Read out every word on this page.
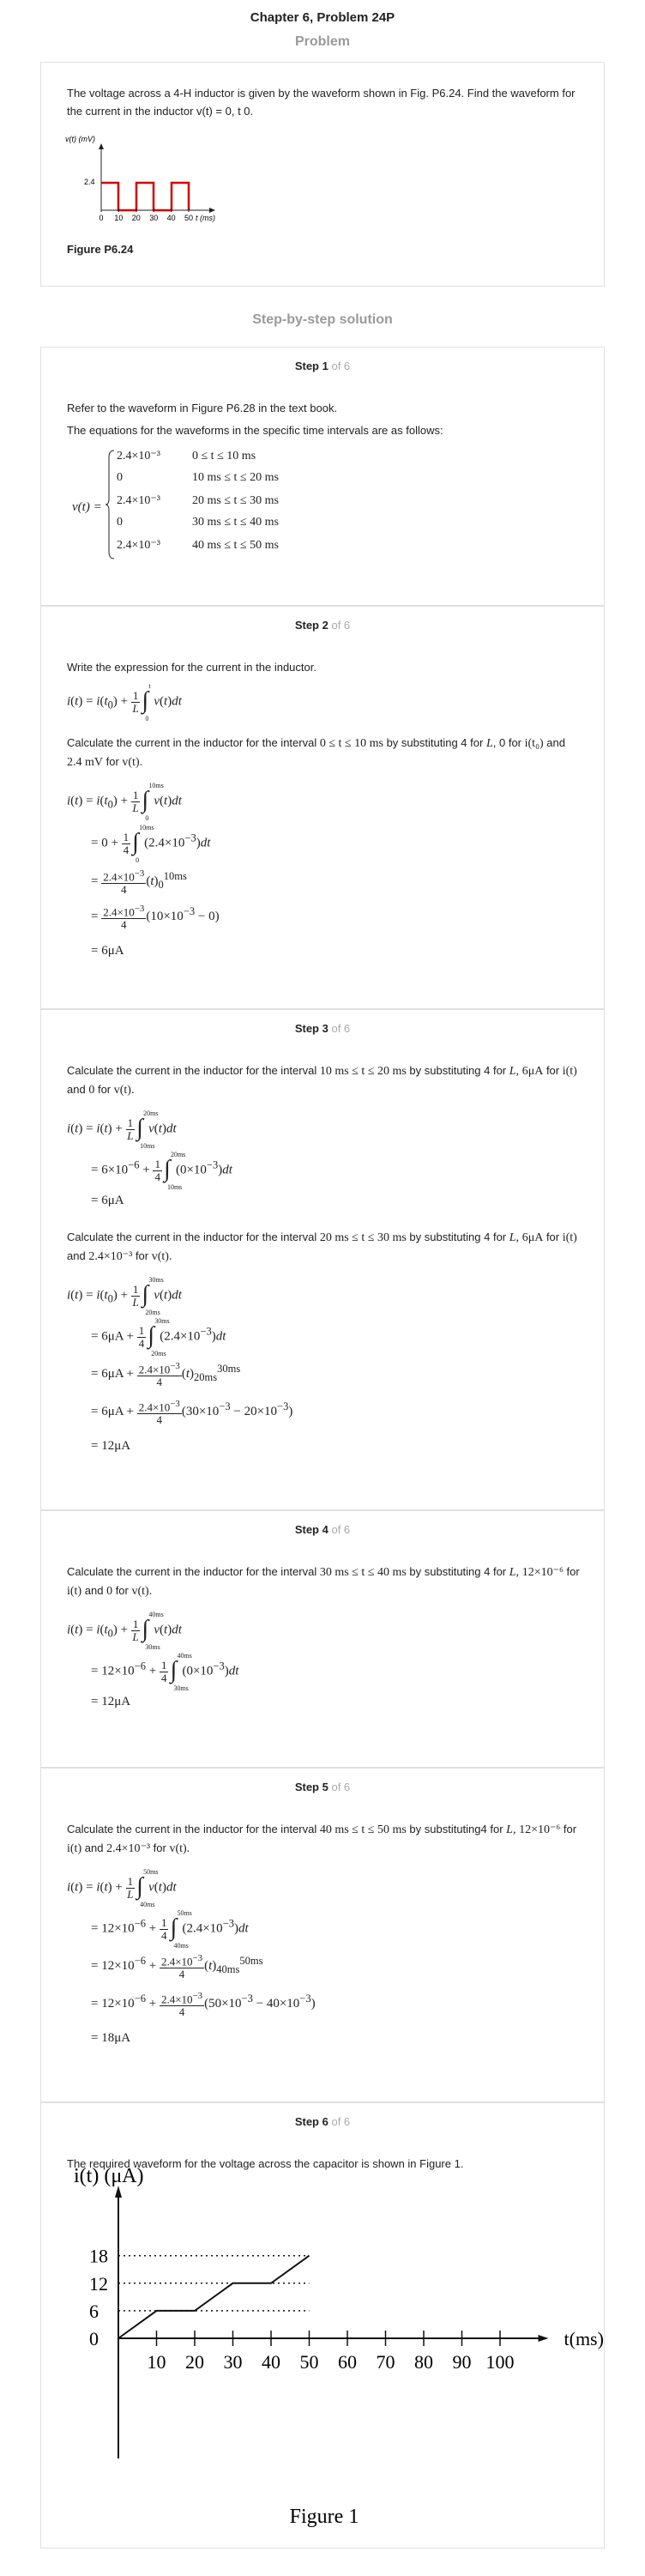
Chapter 6, Problem 24P
Problem
The voltage across a 4-H inductor is given by the waveform shown in Fig. P6.24. Find the waveform for the current in the inductor v(t) = 0, t 0.
v(t) (mV)
2.4
0 10 20 30 40 50 t (ms)
Figure P6.24
Step-by-step solution
Step 1 of 6
Refer to the waveform in Figure P6.28 in the text book.
The equations for the waveforms in the specific time intervals are as follows:
v(t) =
2.4×10⁻³	0 ≤ t ≤ 10 ms
0	10 ms ≤ t ≤ 20 ms
2.4×10⁻³	20 ms ≤ t ≤ 30 ms
0	30 ms ≤ t ≤ 40 ms
2.4×10⁻³	40 ms ≤ t ≤ 50 ms
Step 2 of 6
Write the expression for the current in the inductor.
$i(t) = i(t_0) + \frac{1}{L}$ ∫
t
0
v(t)dt
Calculate the current in the inductor for the interval 0 ≤ t ≤ 10 ms by substituting 4 for L, 0 for i(t₀) and 2.4 mV for v(t).
$i(t) = i(t_0) + \frac{1}{L}$ ∫
10ms
0
v(t)dt
= $0 + \frac{1}{4}$ ∫
10ms
0
$(2.4\times 10^{-3})dt$
= $\frac{2.4\times 10^{-3}}{4} (t)_0^{10ms}$
= $\frac{2.4\times 10^{-3}}{4} (10\times 10^{-3} - 0)$
= 6μA
Step 3 of 6
Calculate the current in the inductor for the interval 10 ms ≤ t ≤ 20 ms by substituting 4 for L, 6μA for i(t) and 0 for v(t).
$i(t) = i(t) + \frac{1}{L}$ ∫
20ms
10ms
v(t)dt
= $6\times 10^{-6} + \frac{1}{4}$ ∫
20ms
10ms
$(0\times 10^{-3})dt$
= 6μA
Calculate the current in the inductor for the interval 20 ms ≤ t ≤ 30 ms by substituting 4 for L, 6μA for i(t) and 2.4×10⁻³ for v(t).
$i(t) = i(t_0) + \frac{1}{L}$ ∫
30ms
20ms
v(t)dt
= $6\mu A + \frac{1}{4}$ ∫
30ms
20ms
$(2.4\times 10^{-3})dt$
= $6\mu A + \frac{2.4\times 10^{-3}}{4} (t)_{20ms}^{30ms}$
= $6\mu A + \frac{2.4\times 10^{-3}}{4} (30\times 10^{-3} - 20\times 10^{-3})$
= 12μA
Step 4 of 6
Calculate the current in the inductor for the interval 30 ms ≤ t ≤ 40 ms by substituting 4 for L, 12×10⁻⁶ for i(t) and 0 for v(t).
$i(t) = i(t_0) + \frac{1}{L}$ ∫
40ms
30ms
v(t)dt
= $12\times 10^{-6} + \frac{1}{4}$ ∫
40ms
30ms
$(0\times 10^{-3})dt$
= 12μA
Step 5 of 6
Calculate the current in the inductor for the interval 40 ms ≤ t ≤ 50 ms by substituting4 for L, 12×10⁻⁶ for i(t) and 2.4×10⁻³ for v(t).
$i(t) = i(t) + \frac{1}{L}$ ∫
50ms
40ms
v(t)dt
= $12\times 10^{-6} + \frac{1}{4}$ ∫
50ms
40ms
$(2.4\times 10^{-3})dt$
= $12\times 10^{-6} + \frac{2.4\times 10^{-3}}{4} (t)_{40ms}^{50ms}$
= $12\times 10^{-6} + \frac{2.4\times 10^{-3}}{4} (50\times 10^{-3} - 40\times 10^{-3})$
= 18μA
Step 6 of 6
The required waveform for the voltage across the capacitor is shown in Figure 1.
i(t) (μA)
t(ms)
0
10 20 30 40 50 60 70 80 90 100
6
12
18
Figure 1
